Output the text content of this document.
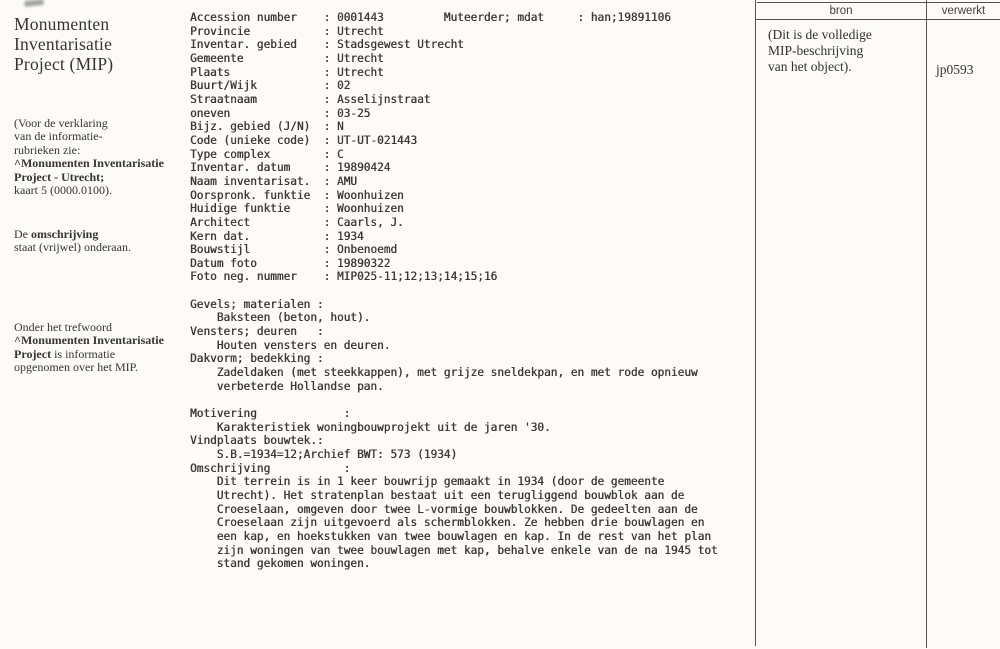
Monumenten
Inventarisatie
Project (MIP)
(Voor de verklaring
van de informatie-
rubrieken zie:
^Monumenten Inventarisatie
Project - Utrecht;
kaart 5 (0000.0100).
De omschrijving
staat (vrijwel) onderaan.
Onder het trefwoord
^Monumenten Inventarisatie
Project is informatie
opgenomen over het MIP.
Accession number    : 0001443         Muteerder; mdat     : han;19891106
Provincie           : Utrecht
Inventar. gebied    : Stadsgewest Utrecht
Gemeente            : Utrecht
Plaats              : Utrecht
Buurt/Wijk          : 02
Straatnaam          : Asselijnstraat
oneven              : 03-25
Bijz. gebied (J/N)  : N
Code (unieke code)  : UT-UT-021443
Type complex        : C
Inventar. datum     : 19890424
Naam inventarisat.  : AMU
Oorspronk. funktie  : Woonhuizen
Huidige funktie     : Woonhuizen
Architect           : Caarls, J.
Kern dat.           : 1934
Bouwstijl           : Onbenoemd
Datum foto          : 19890322
Foto neg. nummer    : MIP025-11;12;13;14;15;16
Gevels; materialen :
Baksteen (beton, hout).
Vensters; deuren   :
Houten vensters en deuren.
Dakvorm; bedekking :
Zadeldaken (met steekkappen), met grijze sneldekpan, en met rode opnieuw
verbeterde Hollandse pan.
Motivering             :
Karakteristiek woningbouwprojekt uit de jaren '30.
Vindplaats bouwtek.:
S.B.=1934=12;Archief BWT: 573 (1934)
Omschrijving           :
Dit terrein is in 1 keer bouwrijp gemaakt in 1934 (door de gemeente
Utrecht). Het stratenplan bestaat uit een terugliggend bouwblok aan de
Croeselaan, omgeven door twee L-vormige bouwblokken. De gedeelten aan de
Croeselaan zijn uitgevoerd als schermblokken. Ze hebben drie bouwlagen en
een kap, en hoekstukken van twee bouwlagen en kap. In de rest van het plan
zijn woningen van twee bouwlagen met kap, behalve enkele van de na 1945 tot
stand gekomen woningen.
bron	verwerkt
(Dit is de volledige
MIP-beschrijving
van het object).	jp0593
